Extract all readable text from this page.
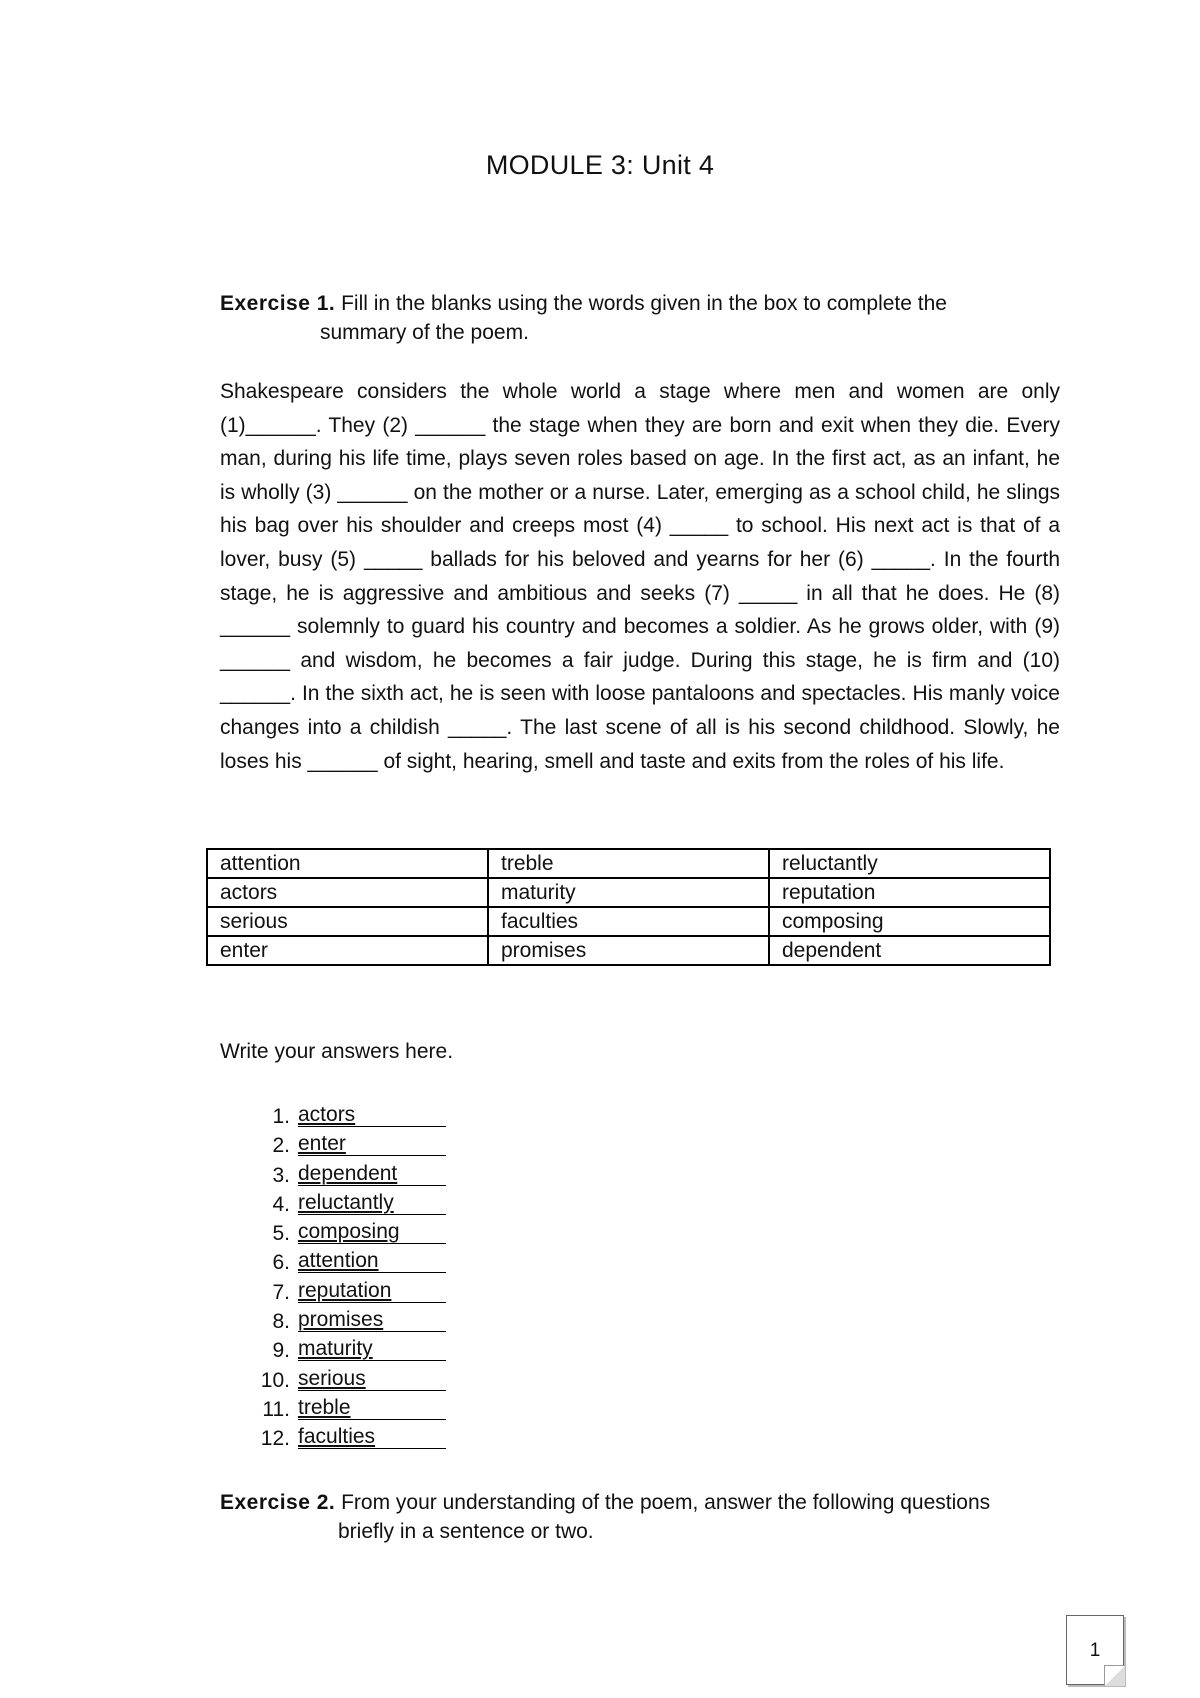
MODULE 3: Unit 4
Exercise 1. Fill in the blanks using the words given in the box to complete the
summary of the poem.
Shakespeare considers the whole world a stage where men and women are only (1)______. They (2) ______ the stage when they are born and exit when they die. Every man, during his life time, plays seven roles based on age. In the first act, as an infant, he is wholly (3) ______ on the mother or a nurse. Later, emerging as a school child, he slings his bag over his shoulder and creeps most (4) _____ to school. His next act is that of a lover, busy (5) _____ ballads for his beloved and yearns for her (6) _____. In the fourth stage, he is aggressive and ambitious and seeks (7) _____ in all that he does. He (8) ______ solemnly to guard his country and becomes a soldier. As he grows older, with (9) ______ and wisdom, he becomes a fair judge. During this stage, he is firm and (10) ______. In the sixth act, he is seen with loose pantaloons and spectacles. His manly voice changes into a childish _____. The last scene of all is his second childhood. Slowly, he loses his ______ of sight, hearing, smell and taste and exits from the roles of his life.
attention	treble	reluctantly
actors	maturity	reputation
serious	faculties	composing
enter	promises	dependent
Write your answers here.
1. actors
2. enter
3. dependent
4. reluctantly
5. composing
6. attention
7. reputation
8. promises
9. maturity
10. serious
11. treble
12. faculties
Exercise 2. From your understanding of the poem, answer the following questions
briefly in a sentence or two.
1
